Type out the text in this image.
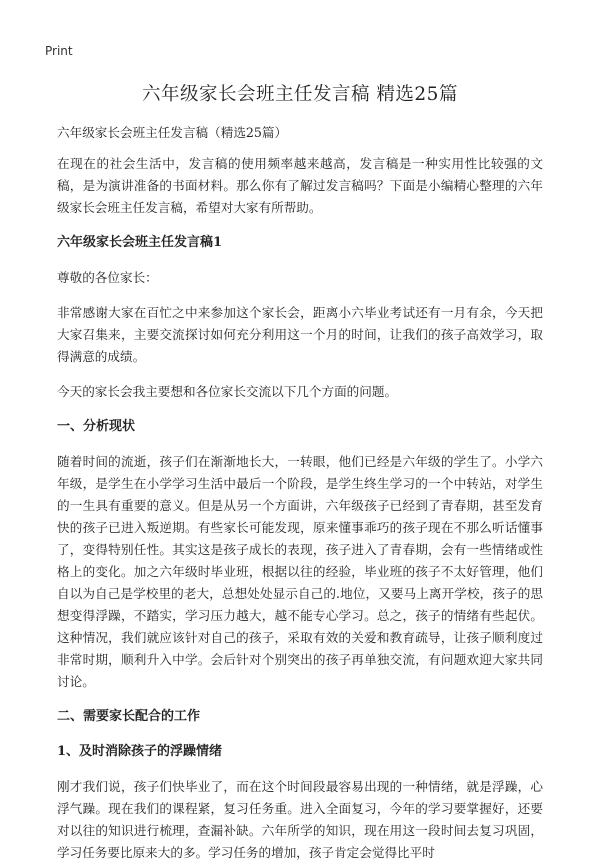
Print
六年级家长会班主任发言稿 精选25篇

六年级家长会班主任发言稿（精选25篇）

在现在的社会生活中，发言稿的使用频率越来越高，发言稿是一种实用性比较强的文稿，是为演讲准备的书面材料。那么你有了解过发言稿吗？下面是小编精心整理的六年级家长会班主任发言稿，希望对大家有所帮助。

六年级家长会班主任发言稿1

尊敬的各位家长：

非常感谢大家在百忙之中来参加这个家长会，距离小六毕业考试还有一月有余，今天把大家召集来，主要交流探讨如何充分利用这一个月的时间，让我们的孩子高效学习，取得满意的成绩。

今天的家长会我主要想和各位家长交流以下几个方面的问题。

一、分析现状

随着时间的流逝，孩子们在渐渐地长大，一转眼，他们已经是六年级的学生了。小学六年级，是学生在小学学习生活中最后一个阶段，是学生终生学习的一个中转站，对学生的一生具有重要的意义。但是从另一个方面讲，六年级孩子已经到了青春期，甚至发育快的孩子已进入叛逆期。有些家长可能发现，原来懂事乖巧的孩子现在不那么听话懂事了，变得特别任性。其实这是孩子成长的表现，孩子进入了青春期，会有一些情绪或性格上的变化。加之六年级时毕业班，根据以往的经验，毕业班的孩子不太好管理，他们自以为自己是学校里的老大，总想处处显示自己的.地位，又要马上离开学校，孩子的思想变得浮躁，不踏实，学习压力越大，越不能专心学习。总之，孩子的情绪有些起伏。这种情况，我们就应该针对自己的孩子，采取有效的关爱和教育疏导，让孩子顺利度过非常时期，顺利升入中学。会后针对个别突出的孩子再单独交流，有问题欢迎大家共同讨论。

二、需要家长配合的工作
1、及时消除孩子的浮躁情绪

刚才我们说，孩子们快毕业了，而在这个时间段最容易出现的一种情绪，就是浮躁，心浮气躁。现在我们的课程紧，复习任务重。进入全面复习，今年的学习要掌握好，还要对以往的知识进行梳理，查漏补缺。六年所学的知识，现在用这一段时间去复习巩固，学习任务要比原来大的多。学习任务的增加，孩子肯定会觉得比平时
